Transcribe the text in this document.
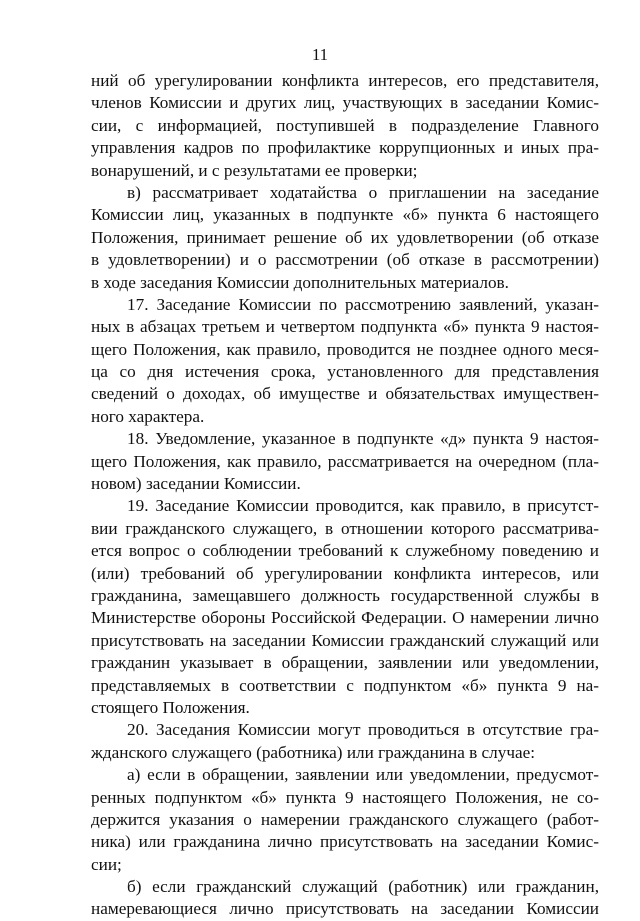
11
ний об урегулировании конфликта интересов, его представителя,
членов Комиссии и других лиц, участвующих в заседании Комис-
сии, с информацией, поступившей в подразделение Главного
управления кадров по профилактике коррупционных и иных пра-
вонарушений, и с результатами ее проверки;
в) рассматривает ходатайства о приглашении на заседание
Комиссии лиц, указанных в подпункте «б» пункта 6 настоящего
Положения, принимает решение об их удовлетворении (об отказе
в удовлетворении) и о рассмотрении (об отказе в рассмотрении)
в ходе заседания Комиссии дополнительных материалов.
17. Заседание Комиссии по рассмотрению заявлений, указан-
ных в абзацах третьем и четвертом подпункта «б» пункта 9 настоя-
щего Положения, как правило, проводится не позднее одного меся-
ца со дня истечения срока, установленного для представления
сведений о доходах, об имуществе и обязательствах имуществен-
ного характера.
18. Уведомление, указанное в подпункте «д» пункта 9 настоя-
щего Положения, как правило, рассматривается на очередном (пла-
новом) заседании Комиссии.
19. Заседание Комиссии проводится, как правило, в присутст-
вии гражданского служащего, в отношении которого рассматрива-
ется вопрос о соблюдении требований к служебному поведению и
(или) требований об урегулировании конфликта интересов, или
гражданина, замещавшего должность государственной службы в
Министерстве обороны Российской Федерации. О намерении лично
присутствовать на заседании Комиссии гражданский служащий или
гражданин указывает в обращении, заявлении или уведомлении,
представляемых в соответствии с подпунктом «б» пункта 9 на-
стоящего Положения.
20. Заседания Комиссии могут проводиться в отсутствие гра-
жданского служащего (работника) или гражданина в случае:
а) если в обращении, заявлении или уведомлении, предусмот-
ренных подпунктом «б» пункта 9 настоящего Положения, не со-
держится указания о намерении гражданского служащего (работ-
ника) или гражданина лично присутствовать на заседании Комис-
сии;
б) если гражданский служащий (работник) или гражданин,
намеревающиеся лично присутствовать на заседании Комиссии
